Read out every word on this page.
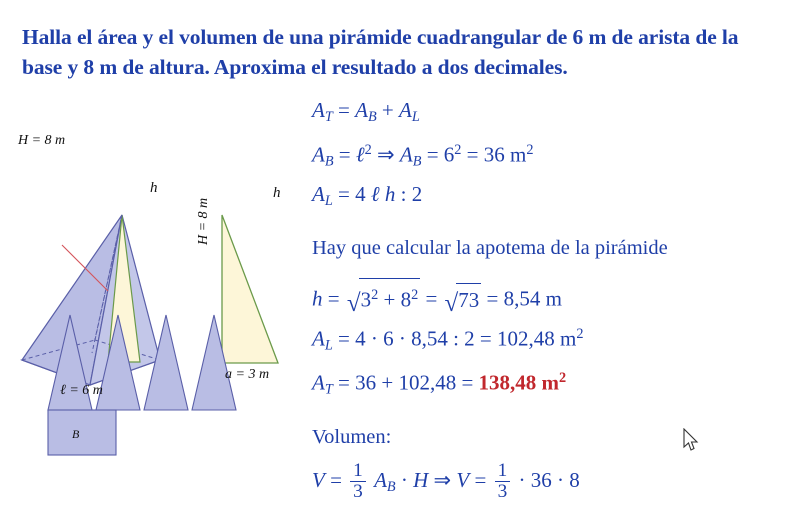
Halla el área y el volumen de una pirámide cuadrangular de 6 m de arista de la base y 8 m de altura. Aproxima el resultado a dos decimales.
H = 8 m
h
ℓ = 6 m
H = 8 m
h
a = 3 m
B
$A_T = A_B + A_L$
$A_B$ = ℓ$^2$ ⇒ $A_B = 6^2 = 36$ $m^2$
$A_L = 4$ ℓ h : 2
Hay que calcular la apotema de la pirámide
$h = √3^2 + 8^2 = √73 = 8,54$ m
$A_L = 4 \cdot 6 \cdot 8,54$ : 2 = 102,48 $m^2$
$A_T = 36 + 102,48 = 138,48$ $m^2$
Volumen:
$V = \frac{1}{3} A_B \cdot H$ ⇒ $V = \frac{1}{3} \cdot 36 \cdot 8$
